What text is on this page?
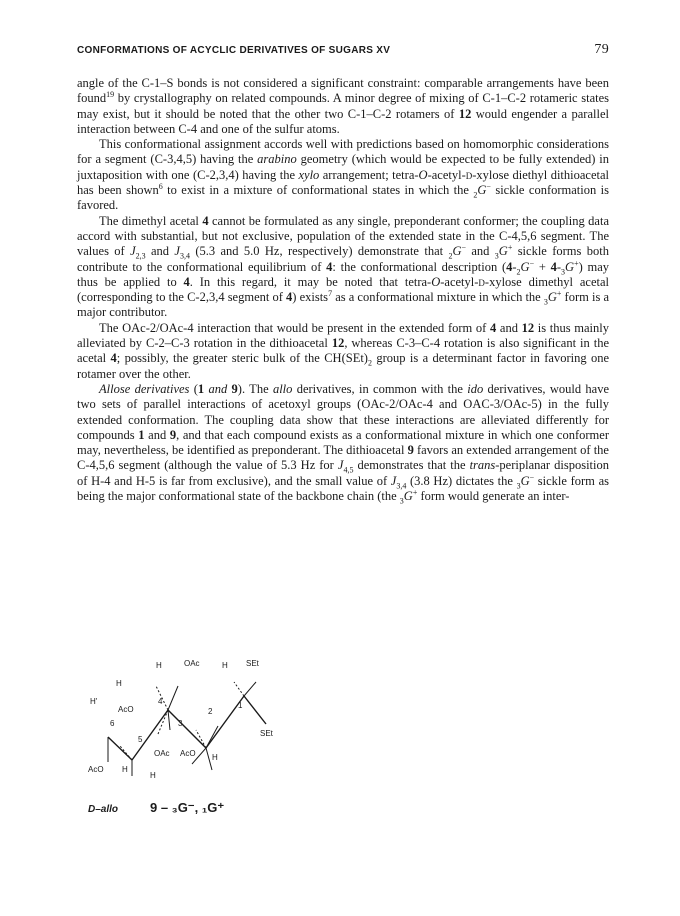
CONFORMATIONS OF ACYCLIC DERIVATIVES OF SUGARS XV	79

angle of the C-1–S bonds is not considered a significant constraint: comparable arrangements have been found$^{19}$ by crystallography on related compounds. A minor degree of mixing of C-1–C-2 rotameric states may exist, but it should be noted that the other two C-1–C-2 rotamers of 12 would engender a parallel interaction between C-4 and one of the sulfur atoms.

This conformational assignment accords well with predictions based on homomorphic considerations for a segment (C-3,4,5) having the arabino geometry (which would be expected to be fully extended) in juxtaposition with one (C-2,3,4) having the xylo arrangement; tetra-O-acetyl-d-xylose diethyl dithioacetal has been shown$^6$ to exist in a mixture of conformational states in which the $_2$G− sickle conformation is favored.

The dimethyl acetal 4 cannot be formulated as any single, preponderant conformer; the coupling data accord with substantial, but not exclusive, population of the extended state in the C-4,5,6 segment. The values of $J_{2,3}$ and $J_{3,4}$ (5.3 and 5.0 Hz, respectively) demonstrate that $_2$G− and $_3$G+ sickle forms both contribute to the conformational equilibrium of 4: the conformational description $(4-_2G^- + 4-_3G^+)$ may thus be applied to 4. In this regard, it may be noted that tetra-O-acetyl-d-xylose dimethyl acetal (corresponding to the C-2,3,4 segment of 4) exists$^7$ as a conformational mixture in which the $_3$G+ form is a major contributor.

The OAc-2/OAc-4 interaction that would be present in the extended form of 4 and 12 is thus mainly alleviated by C-2–C-3 rotation in the dithioacetal 12, whereas C-3–C-4 rotation is also significant in the acetal 4; possibly, the greater steric bulk of the $CH(SEt)_2$ group is a determinant factor in favoring one rotamer over the other.

Allose derivatives (1 and 9). The allo derivatives, in common with the ido derivatives, would have two sets of parallel interactions of acetoxyl groups (OAc-2/OAc-4 and OAC-3/OAc-5) in the fully extended conformation. The coupling data show that these interactions are alleviated differently for compounds 1 and 9, and that each compound exists as a conformational mixture in which one conformer may, nevertheless, be identified as preponderant. The dithioacetal 9 favors an extended arrangement of the C-4,5,6 segment (although the value of 5.3 Hz for $J_{4,5}$ demonstrates that the trans-periplanar disposition of H-4 and H-5 is far from exclusive), and the small value of $J_{3,4}$ (3.8 Hz) dictates the $_3$G− sickle form as being the major conformational state of the backbone chain (the $_3$G+ form would generate an inter-

H	OAc	H SEt
H
H'
AcO
6
5
4
3
2
1
SEt
OAc AcO H
AcO H
H
D–allo 9 – ₃G⁻, ₁G⁺
